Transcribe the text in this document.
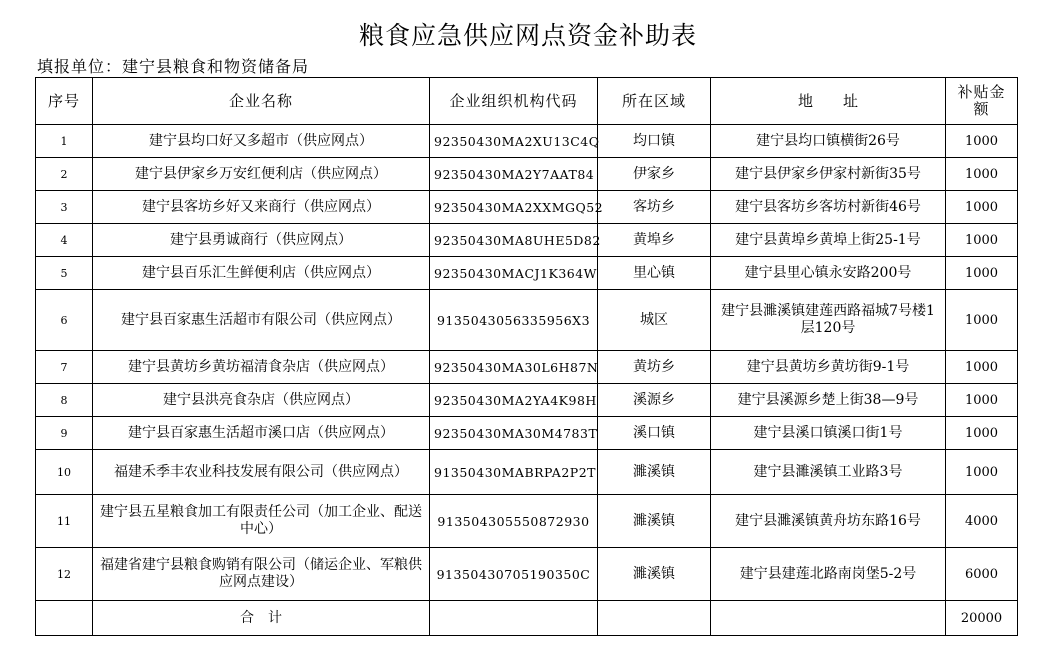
粮食应急供应网点资金补助表
填报单位：建宁县粮食和物资储备局
序号	企业名称	企业组织机构代码	所在区域	地　　址	补贴金额
1	建宁县均口好又多超市（供应网点）	92350430MA2XU13C4Q	均口镇	建宁县均口镇横街26号	1000
2	建宁县伊家乡万安红便利店（供应网点）	92350430MA2Y7AAT84	伊家乡	建宁县伊家乡伊家村新街35号	1000
3	建宁县客坊乡好又来商行（供应网点）	92350430MA2XXMGQ52	客坊乡	建宁县客坊乡客坊村新街46号	1000
4	建宁县勇诚商行（供应网点）	92350430MA8UHE5D82	黄埠乡	建宁县黄埠乡黄埠上街25-1号	1000
5	建宁县百乐汇生鲜便利店（供应网点）	92350430MACJ1K364W	里心镇	建宁县里心镇永安路200号	1000
6	建宁县百家惠生活超市有限公司（供应网点）	9135043056335956X3	城区	建宁县濉溪镇建莲西路福城7号楼1层120号	1000
7	建宁县黄坊乡黄坊福清食杂店（供应网点）	92350430MA30L6H87N	黄坊乡	建宁县黄坊乡黄坊街9-1号	1000
8	建宁县洪亮食杂店（供应网点）	92350430MA2YA4K98H	溪源乡	建宁县溪源乡楚上街38—9号	1000
9	建宁县百家惠生活超市溪口店（供应网点）	92350430MA30M4783T	溪口镇	建宁县溪口镇溪口街1号	1000
10	福建禾季丰农业科技发展有限公司（供应网点）	91350430MABRPA2P2T	濉溪镇	建宁县濉溪镇工业路3号	1000
11	建宁县五星粮食加工有限责任公司（加工企业、配送中心）	913504305550872930	濉溪镇	建宁县濉溪镇黄舟坊东路16号	4000
12	福建省建宁县粮食购销有限公司（储运企业、军粮供应网点建设）	91350430705190350C	濉溪镇	建宁县建莲北路南岗堡5-2号	6000
	合　计				20000
